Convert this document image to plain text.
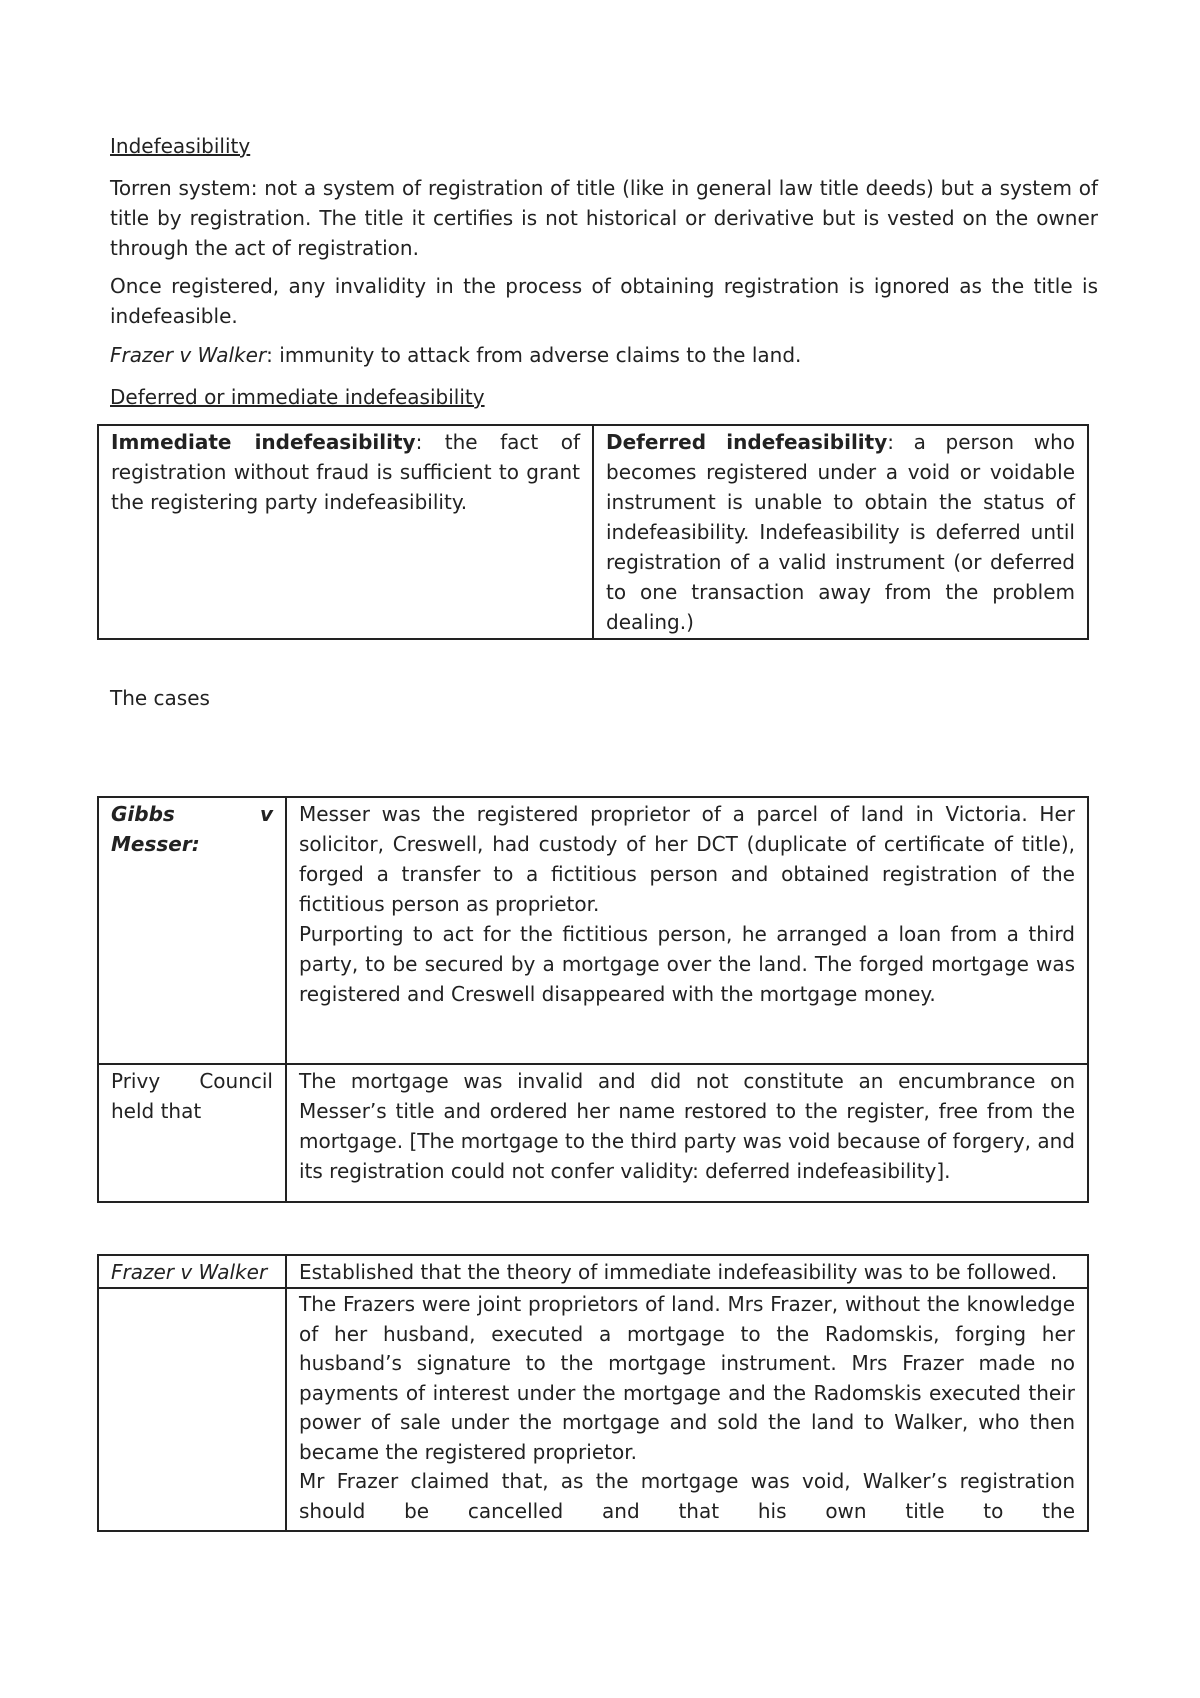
Indefeasibility

Torren system: not a system of registration of title (like in general law title deeds) but a system of title by registration. The title it certifies is not historical or derivative but is vested on the owner through the act of registration.

Once registered, any invalidity in the process of obtaining registration is ignored as the title is indefeasible.

Frazer v Walker: immunity to attack from adverse claims to the land.

Deferred or immediate indefeasibility

Immediate indefeasibility: the fact of registration without fraud is sufficient to grant the registering party indefeasibility.	Deferred indefeasibility: a person who becomes registered under a void or voidable instrument is unable to obtain the status of indefeasibility. Indefeasibility is deferred until registration of a valid instrument (or deferred to one transaction away from the problem dealing.)

The cases

Gibbs v Messer:	Messer was the registered proprietor of a parcel of land in Victoria. Her solicitor, Creswell, had custody of her DCT (duplicate of certificate of title), forged a transfer to a fictitious person and obtained registration of the fictitious person as proprietor.
Purporting to act for the fictitious person, he arranged a loan from a third party, to be secured by a mortgage over the land. The forged mortgage was registered and Creswell disappeared with the mortgage money.

Privy Council held that	The mortgage was invalid and did not constitute an encumbrance on Messer’s title and ordered her name restored to the register, free from the mortgage. [The mortgage to the third party was void because of forgery, and its registration could not confer validity: deferred indefeasibility].
Frazer v Walker	Established that the theory of immediate indefeasibility was to be followed.

	The Frazers were joint proprietors of land. Mrs Frazer, without the knowledge of her husband, executed a mortgage to the Radomskis, forging her husband’s signature to the mortgage instrument. Mrs Frazer made no payments of interest under the mortgage and the Radomskis executed their power of sale under the mortgage and sold the land to Walker, who then became the registered proprietor.
Mr Frazer claimed that, as the mortgage was void, Walker’s registration should be cancelled and that his own title to the
